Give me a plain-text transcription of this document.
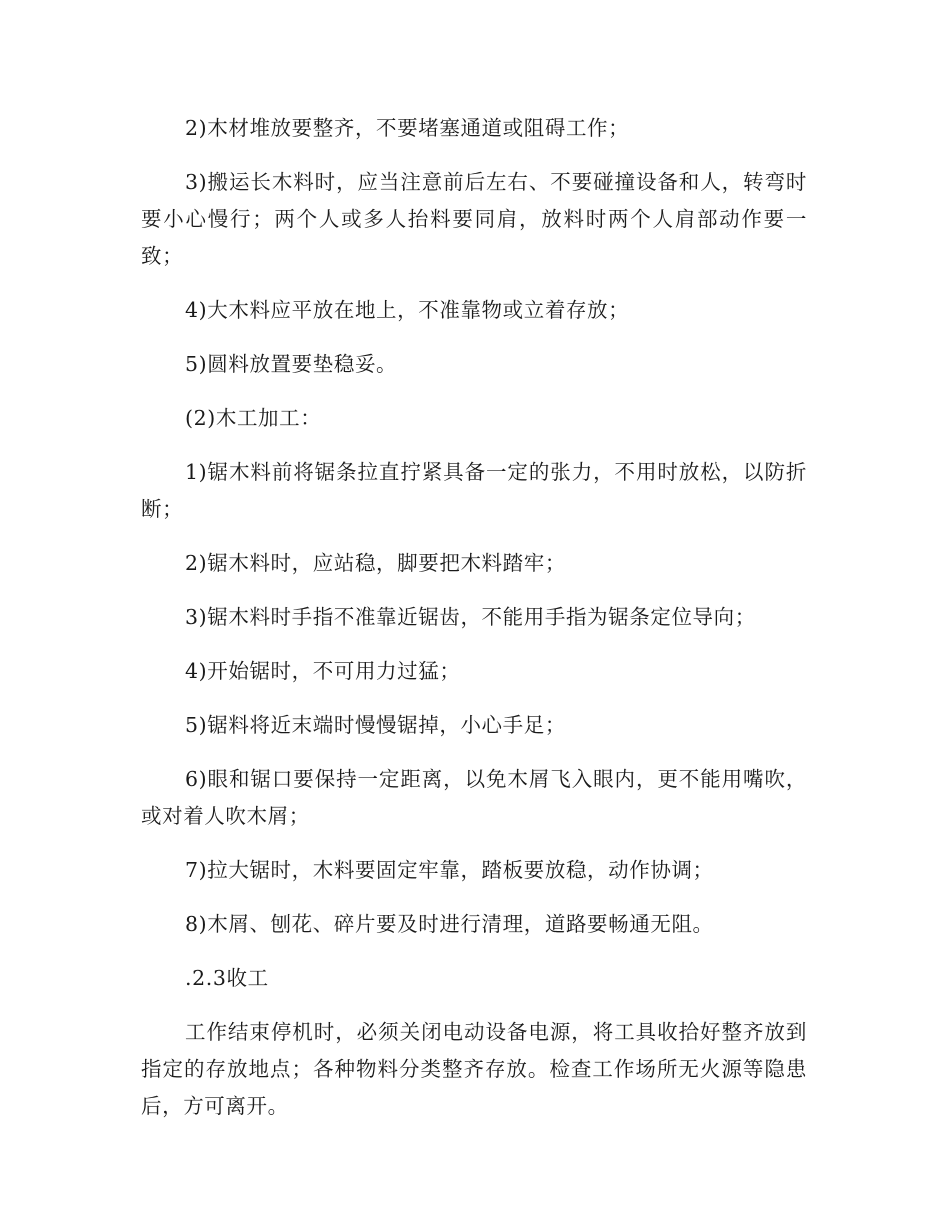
2)木材堆放要整齐，不要堵塞通道或阻碍工作；

3)搬运长木料时，应当注意前后左右、不要碰撞设备和人，转弯时要小心慢行；两个人或多人抬料要同肩，放料时两个人肩部动作要一致；

4)大木料应平放在地上，不准靠物或立着存放；

5)圆料放置要垫稳妥。

(2)木工加工：

1)锯木料前将锯条拉直拧紧具备一定的张力，不用时放松，以防折断；

2)锯木料时，应站稳，脚要把木料踏牢；

3)锯木料时手指不准靠近锯齿，不能用手指为锯条定位导向；

4)开始锯时，不可用力过猛；

5)锯料将近末端时慢慢锯掉，小心手足；

6)眼和锯口要保持一定距离，以免木屑飞入眼内，更不能用嘴吹，或对着人吹木屑；

7)拉大锯时，木料要固定牢靠，踏板要放稳，动作协调；

8)木屑、刨花、碎片要及时进行清理，道路要畅通无阻。

.2.3收工

工作结束停机时，必须关闭电动设备电源，将工具收拾好整齐放到指定的存放地点；各种物料分类整齐存放。检查工作场所无火源等隐患后，方可离开。
